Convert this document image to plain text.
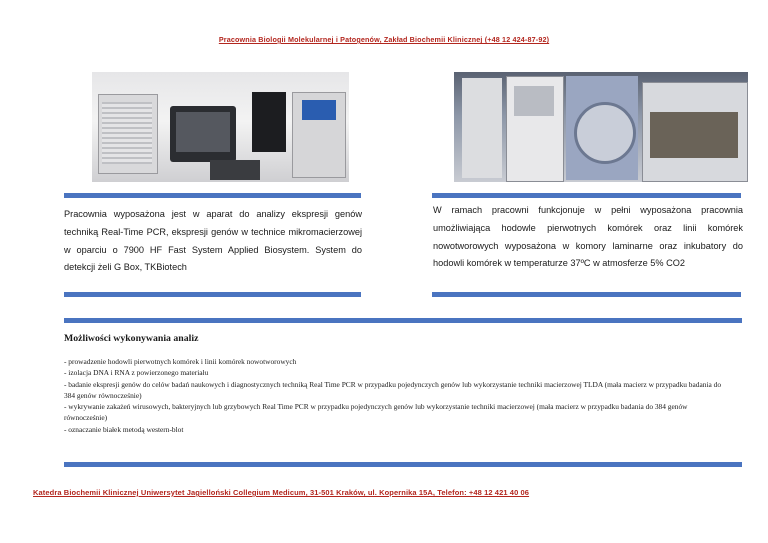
Pracownia Biologii Molekularnej i Patogenów, Zakład Biochemii Klinicznej (+48 12 424-87-92)
Pracownia wyposażona jest w aparat do analizy ekspresji genów techniką Real-Time PCR, ekspresji genów w technice mikromacierzowej w oparciu o 7900 HF Fast System Applied Biosystem. System do detekcji żeli G Box, TKBiotech
W ramach pracowni funkcjonuje w pełni wyposażona pracownia umożliwiająca hodowle pierwotnych komórek oraz linii komórek nowotworowych wyposażona w komory laminarne oraz inkubatory do hodowli komórek w temperaturze 37ºC w atmosferze 5% CO2
Możliwości wykonywania analiz
- prowadzenie hodowli pierwotnych komórek i linii komórek nowotworowych
- izolacja DNA i RNA z powierzonego materiału
- badanie ekspresji genów do celów badań naukowych i diagnostycznych techniką Real Time PCR w przypadku pojedynczych genów lub wykorzystanie techniki macierzowej TLDA (mała macierz w przypadku badania do 384 genów równocześnie)
- wykrywanie zakażeń wirusowych, bakteryjnych lub grzybowych Real Time PCR w przypadku pojedynczych genów lub wykorzystanie techniki macierzowej (mała macierz w przypadku badania do 384 genów równocześnie)
- oznaczanie białek metodą western-blot
Katedra Biochemii Klinicznej Uniwersytet Jagielloński Collegium Medicum, 31-501 Kraków, ul. Kopernika 15A, Telefon: +48 12 421 40 06
